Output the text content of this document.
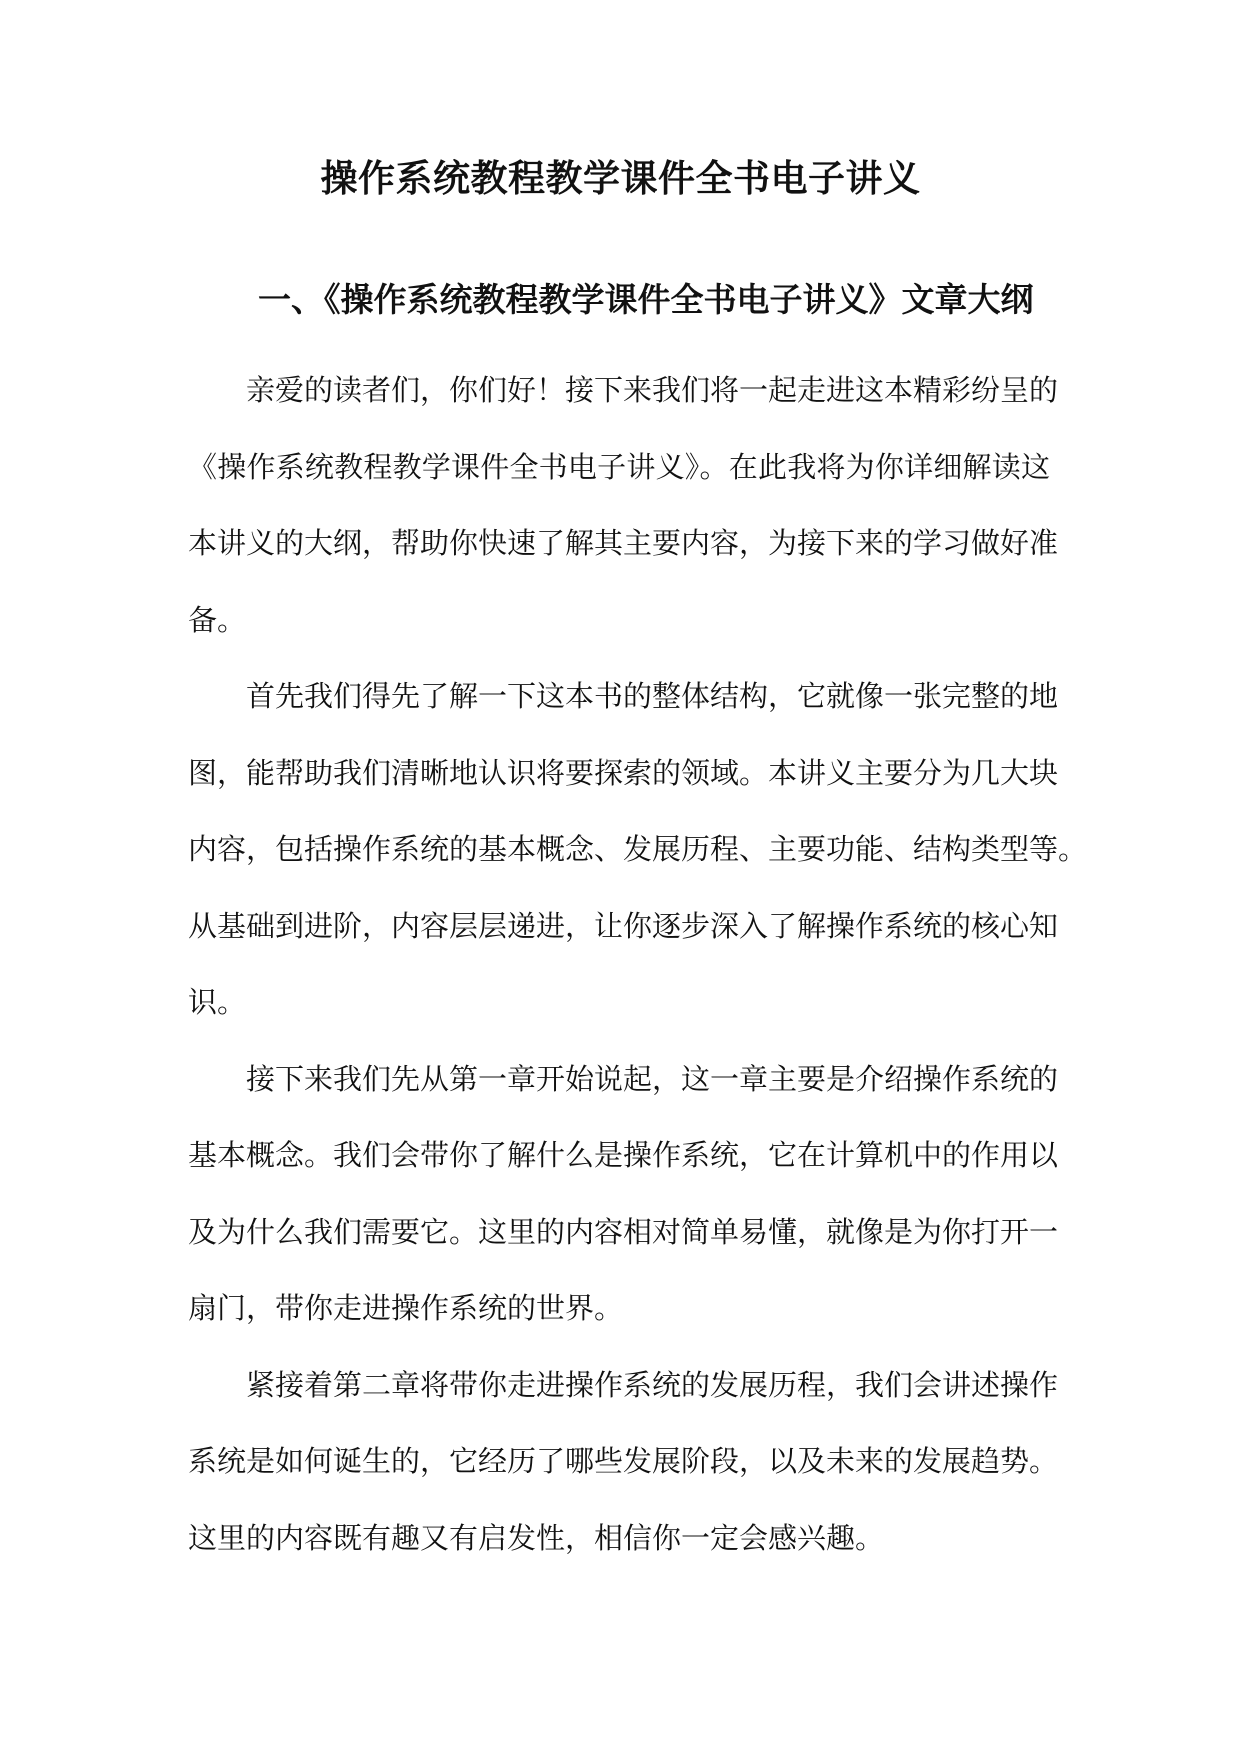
操作系统教程教学课件全书电子讲义
一、《操作系统教程教学课件全书电子讲义》文章大纲
亲爱的读者们，你们好！接下来我们将一起走进这本精彩纷呈的
《操作系统教程教学课件全书电子讲义》。在此我将为你详细解读这
本讲义的大纲，帮助你快速了解其主要内容，为接下来的学习做好准
备。
首先我们得先了解一下这本书的整体结构，它就像一张完整的地
图，能帮助我们清晰地认识将要探索的领域。本讲义主要分为几大块
内容，包括操作系统的基本概念、发展历程、主要功能、结构类型等。
从基础到进阶，内容层层递进，让你逐步深入了解操作系统的核心知
识。
接下来我们先从第一章开始说起，这一章主要是介绍操作系统的
基本概念。我们会带你了解什么是操作系统，它在计算机中的作用以
及为什么我们需要它。这里的内容相对简单易懂，就像是为你打开一
扇门，带你走进操作系统的世界。
紧接着第二章将带你走进操作系统的发展历程，我们会讲述操作
系统是如何诞生的，它经历了哪些发展阶段，以及未来的发展趋势。
这里的内容既有趣又有启发性，相信你一定会感兴趣。
